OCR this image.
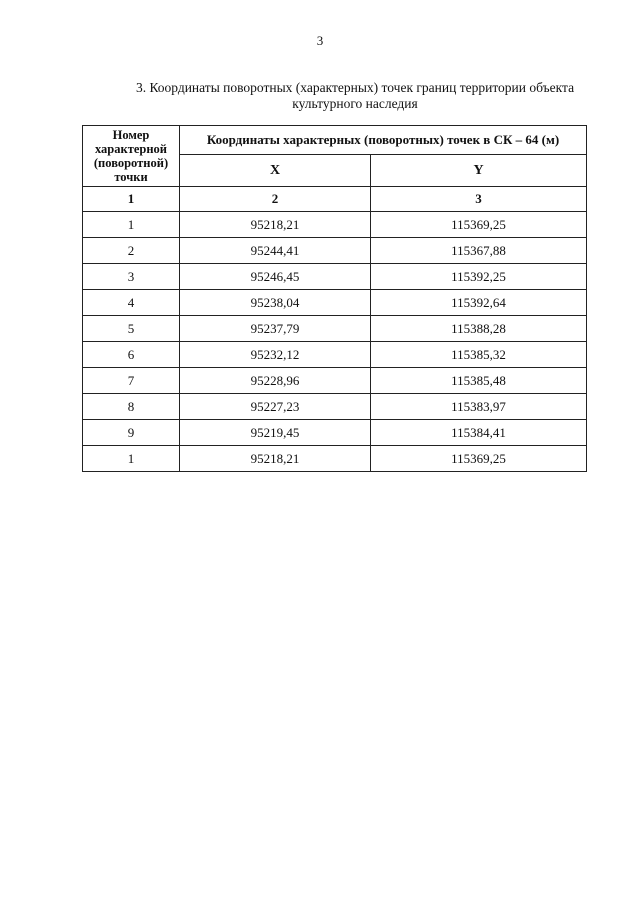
3
3. Координаты поворотных (характерных) точек границ территории объекта
культурного наследия
Номер
характерной
(поворотной)
точки	Координаты характерных (поворотных) точек в СК – 64 (м)	
	X	Y
1	2	3
1	95218,21	115369,25
2	95244,41	115367,88
3	95246,45	115392,25
4	95238,04	115392,64
5	95237,79	115388,28
6	95232,12	115385,32
7	95228,96	115385,48
8	95227,23	115383,97
9	95219,45	115384,41
1	95218,21	115369,25
